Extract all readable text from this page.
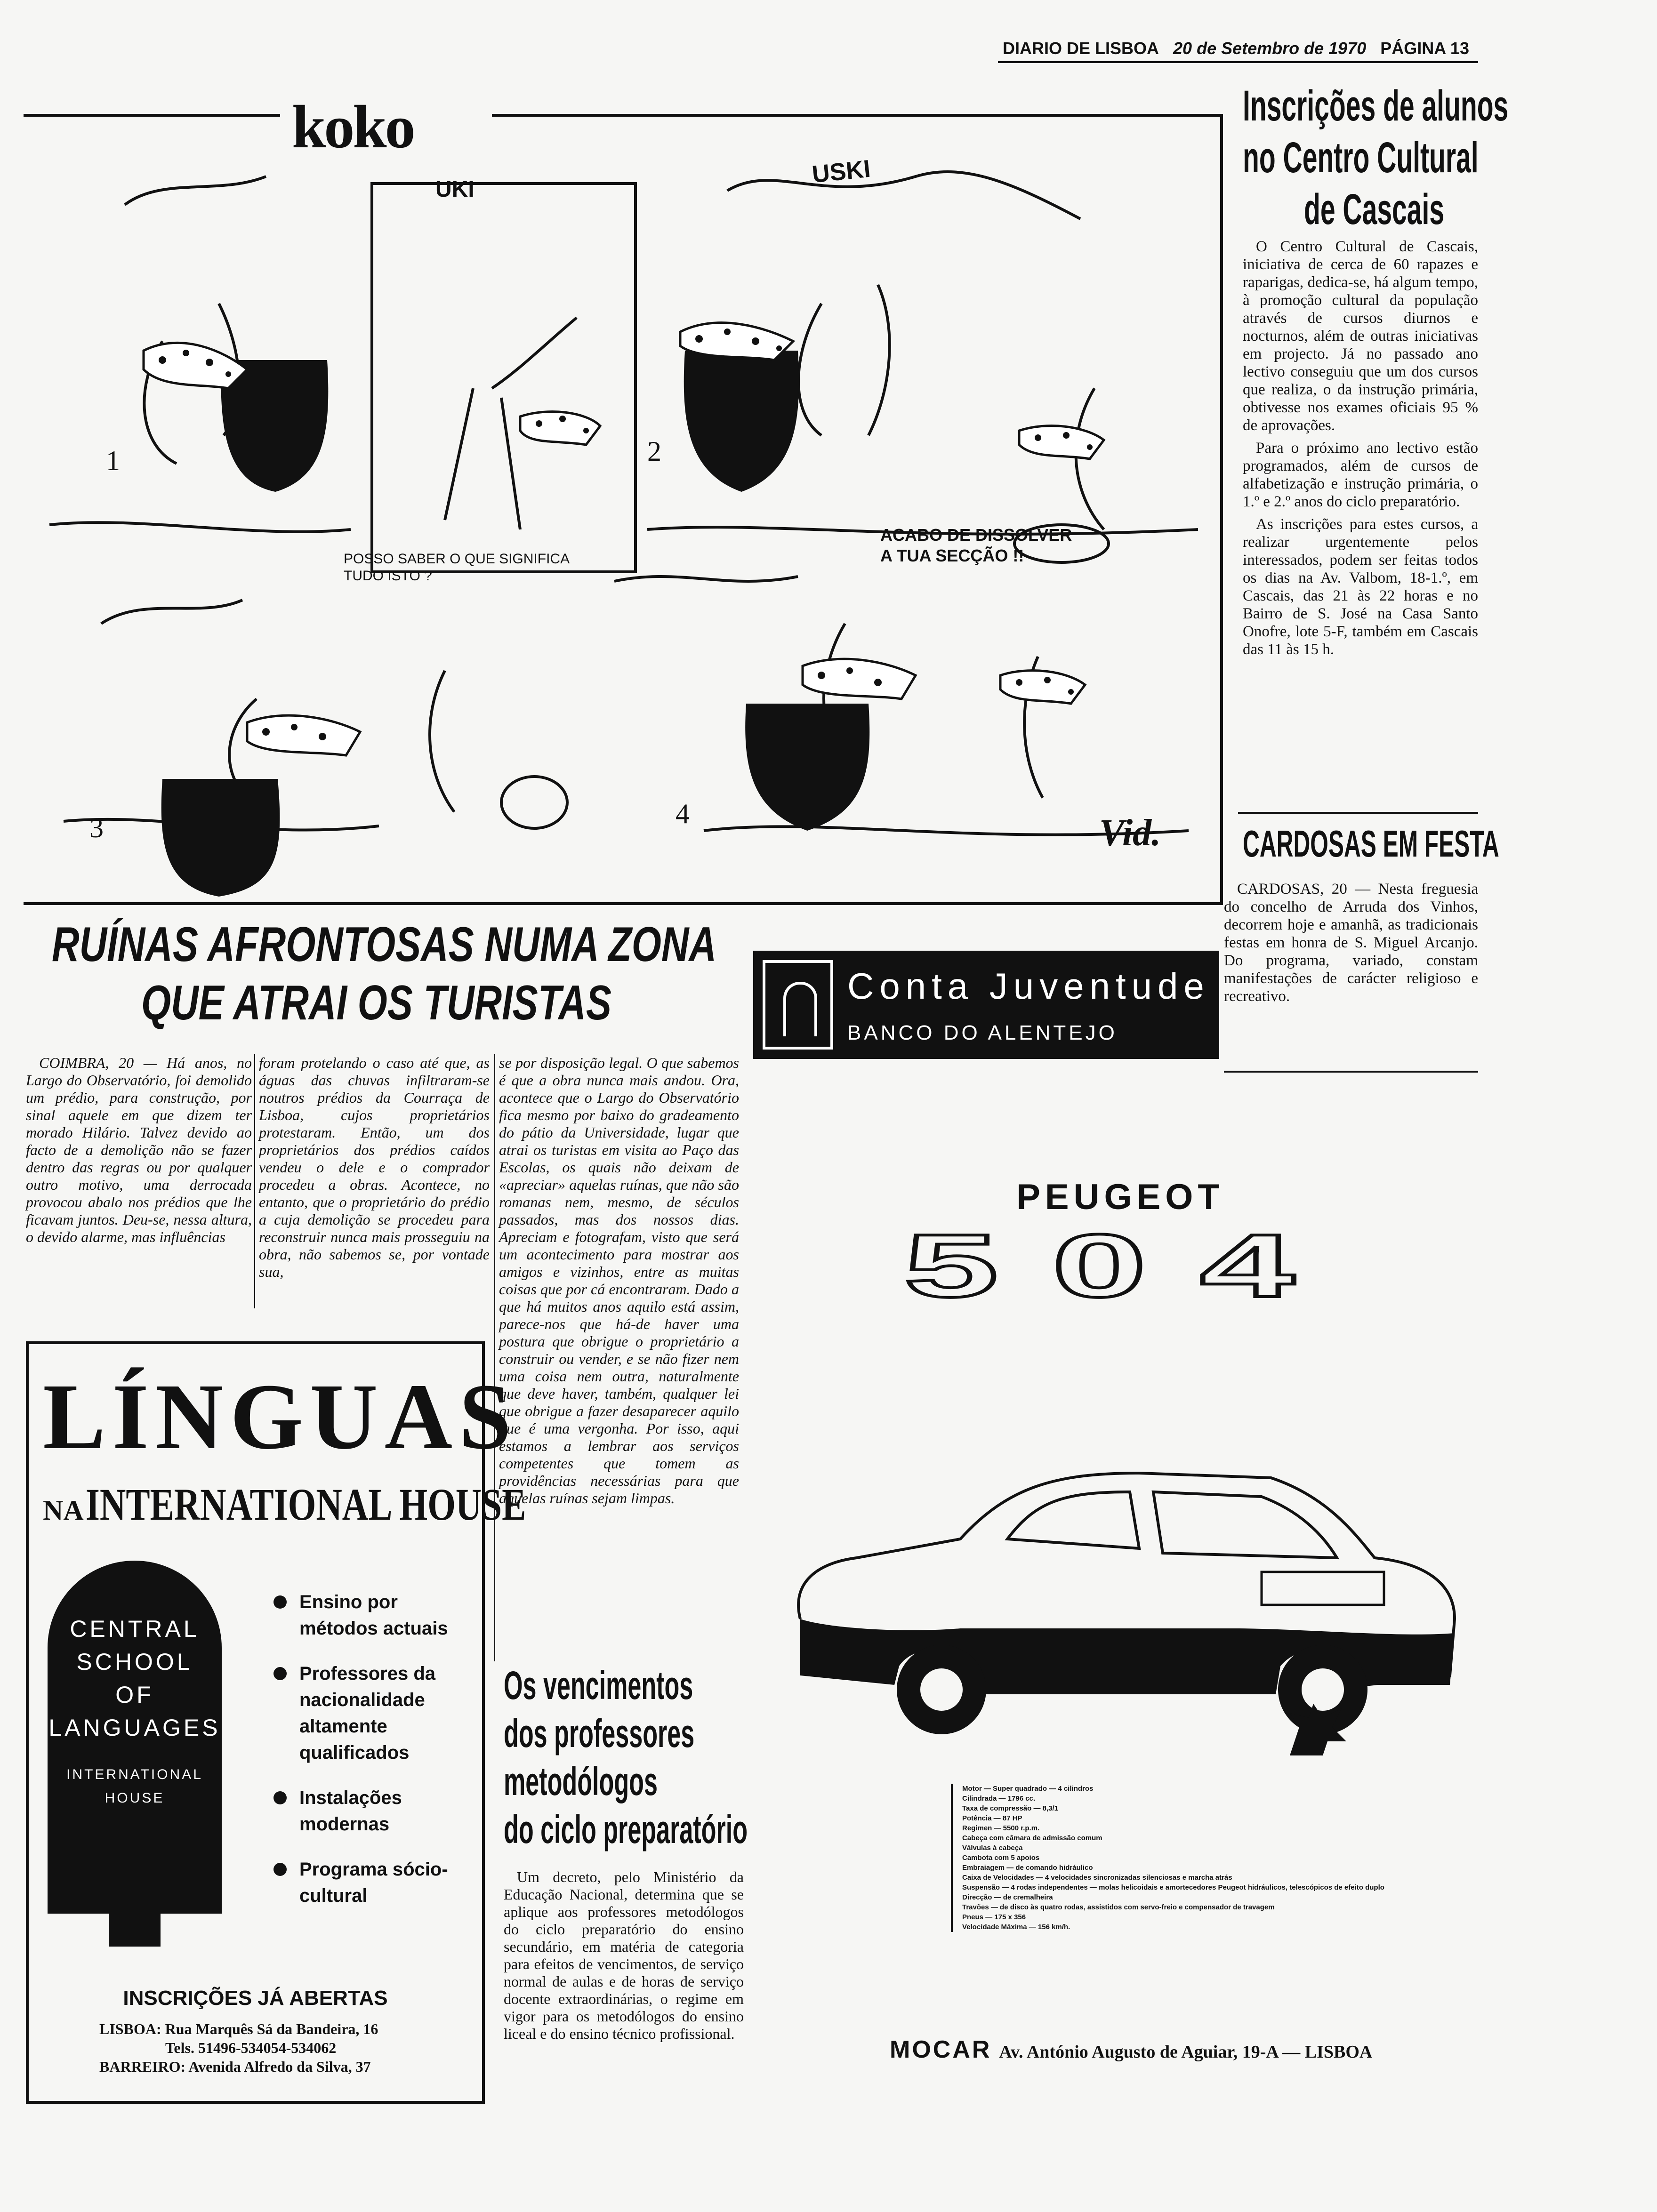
DIARIO DE LISBOA 20 de Setembro de 1970 PÁGINA 13
koko
UKI
USKI
POSSO SABER O QUE SIGNIFICA TUDO ISTO ?
ACABO DE DISSOLVER
A TUA SECÇÃO !!
1	2
3	4	Vid.
Inscrições de alunos
no Centro Cultural
de Cascais

O Centro Cultural de Cascais, iniciativa de cerca de 60 rapazes e raparigas, dedica-se, há algum tempo, à promoção cultural da população através de cursos diurnos e nocturnos, além de outras iniciativas em projecto. Já no passado ano lectivo conseguiu que um dos cursos que realiza, o da instrução primária, obtivesse nos exames oficiais 95 % de aprovações.

Para o próximo ano lectivo estão programados, além de cursos de alfabetização e instrução primária, o 1.º e 2.º anos do ciclo preparatório.

As inscrições para estes cursos, a realizar urgentemente pelos interessados, podem ser feitas todos os dias na Av. Valbom, 18-1.º, em Cascais, das 21 às 22 horas e no Bairro de S. José na Casa Santo Onofre, lote 5-F, também em Cascais das 11 às 15 h.

CARDOSAS EM FESTA

CARDOSAS, 20 — Nesta freguesia do concelho de Arruda dos Vinhos, decorrem hoje e amanhã, as tradicionais festas em honra de S. Miguel Arcanjo. Do programa, variado, constam manifestações de carácter religioso e recreativo.

RUÍNAS AFRONTOSAS NUMA ZONA
QUE ATRAI OS TURISTAS

COIMBRA, 20 — Há anos, no Largo do Observatório, foi demolido um prédio, para construção, por sinal aquele em que dizem ter morado Hilário. Talvez devido ao facto de a demolição não se fazer dentro das regras ou por qualquer outro motivo, uma derrocada provocou abalo nos prédios que lhe ficavam juntos. Deu-se, nessa altura, o devido alarme, mas influências

foram protelando o caso até que, as águas das chuvas infiltraram-se noutros prédios da Courraça de Lisboa, cujos proprietários protestaram. Então, um dos proprietários dos prédios caídos vendeu o dele e o comprador procedeu a obras. Acontece, no entanto, que o proprietário do prédio a cuja demolição se procedeu para reconstruir nunca mais prosseguiu na obra, não sabemos se, por vontade sua,

se por disposição legal. O que sabemos é que a obra nunca mais andou. Ora, acontece que o Largo do Observatório fica mesmo por baixo do gradeamento do pátio da Universidade, lugar que atrai os turistas em visita ao Paço das Escolas, os quais não deixam de «apreciar» aquelas ruínas, que não são romanas nem, mesmo, de séculos passados, mas dos nossos dias. Apreciam e fotografam, visto que será um acontecimento para mostrar aos amigos e vizinhos, entre as muitas coisas que por cá encontraram. Dado a que há muitos anos aquilo está assim, parece-nos que há-de haver uma postura que obrigue o proprietário a construir ou vender, e se não fizer nem uma coisa nem outra, naturalmente que deve haver, também, qualquer lei que obrigue a fazer desaparecer aquilo que é uma vergonha. Por isso, aqui estamos a lembrar aos serviços competentes que tomem as providências necessárias para que aquelas ruínas sejam limpas.

Conta Juventude
BANCO DO ALENTEJO
LÍNGUAS
NA INTERNATIONAL HOUSE
CENTRAL
SCHOOL
OF
LANGUAGES
INTERNATIONAL
HOUSE
Ensino por métodos actuais
Professores da nacionalidade altamente qualificados
Instalações modernas
Programa sócio-cultural
INSCRIÇÕES JÁ ABERTAS
LISBOA: Rua Marquês Sá da Bandeira, 16
Tels. 51496-534054-534062
BARREIRO: Avenida Alfredo da Silva, 37
Os vencimentos
dos professores
metodólogos
do ciclo preparatório

Um decreto, pelo Ministério da Educação Nacional, determina que se aplique aos professores metodólogos do ciclo preparatório do ensino secundário, em matéria de categoria para efeitos de vencimentos, de serviço normal de aulas e de horas de serviço docente extraordinárias, o regime em vigor para os metodólogos do ensino liceal e do ensino técnico profissional.

PEUGEOT
504
Motor — Super quadrado — 4 cilindros
Cilindrada — 1796 cc.
Taxa de compressão — 8,3/1
Potência — 87 HP
Regimen — 5500 r.p.m.
Cabeça com câmara de admissão comum
Válvulas à cabeça
Cambota com 5 apoios
Embraiagem — de comando hidráulico
Caixa de Velocidades — 4 velocidades sincronizadas silenciosas e marcha atrás
Suspensão — 4 rodas independentes — molas helicoidais e amortecedores Peugeot hidráulicos, telescópicos de efeito duplo
Direcção — de cremalheira
Travões — de disco às quatro rodas, assistidos com servo-freio e compensador de travagem
Pneus — 175 x 356
Velocidade Máxima — 156 km/h.
MOCAR Av. António Augusto de Aguiar, 19-A — LISBOA
